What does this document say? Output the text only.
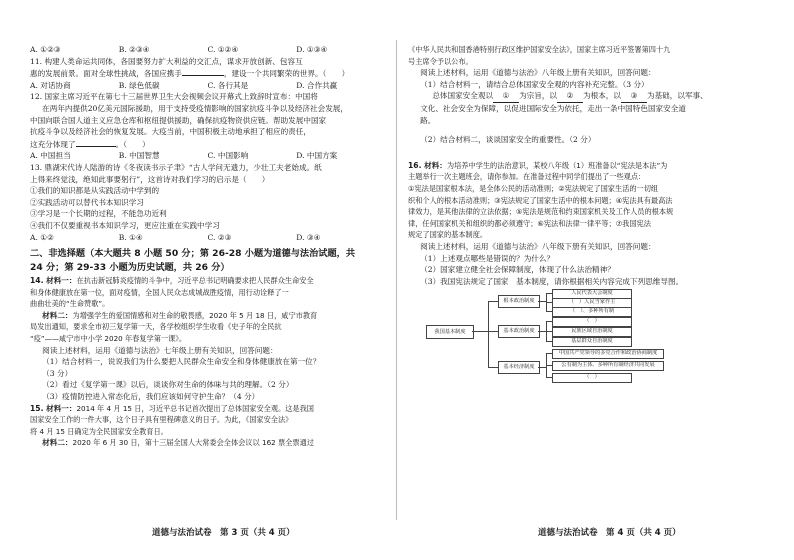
A. ①②③	B. ②③④	C. ①②④	D. ①③④

11. 构建人类命运共同体，各国要努力扩大利益的交汇点，谋求开放创新、包容互

惠的发展前景。面对全球性挑战，各国应携手	，建设一个共同繁荣的世界。（　　）

A. 对话协商	B. 绿色低碳	C. 各行其是	D. 合作共赢

12. 国家主席习近平在第七十三届世界卫生大会视频会议开幕式上致辞时宣布：中国将

在两年内提供20亿美元国际援助，用于支持受疫情影响的国家抗疫斗争以及经济社会发展，

中国向联合国人道主义应急仓库和枢纽提供援助，确保抗疫物资供应链。帮助发展中国家

抗疫斗争以及经济社会的恢复发展。大疫当前，中国积极主动地承担了相应的责任，

这充分体现了	。（　　）

A. 中国担当	B. 中国智慧	C. 中国影响	D. 中国方案

13. 鼎湖宋代诗人陆游的诗《冬夜读书示子聿》“古人学问无遗力，少壮工夫老始成。纸

上得来终觉浅，绝知此事要躬行”，这首诗对我们学习的启示是（　　）

①我们的知识都是从实践活动中学到的

②实践活动可以替代书本知识学习

③学习是一个长期的过程，不能急功近利

④我们不仅要重视书本知识学习，更应注重在实践中学习

A. ①②	B. ①④	C. ②③	D. ③④
二、非选择题（本大题共 8 小题 50 分；第 26-28 小题为道德与法治试题，共
24 分；第 29-33 小题为历史试题，共 26 分）

14. 材料一：在抗击新冠肺炎疫情的斗争中，习近平总书记明确要求把人民群众生命安全

和身体健康放在第一位，面对疫情，全国人民众志成城战胜疫情，用行动诠释了一

曲曲壮美的“生命赞歌”。

材料二：为增强学生的爱国情感和对生命的敬畏感，2020 年 5 月 18 日，咸宁市教育

局发出通知，要求全市初三复学第一天，各学校组织学生收看《史子年的全民抗

“疫”——咸宁市中小学 2020 年春复学第一课》。

阅读上述材料，运用《道德与法治》七年级上册有关知识，回答问题：

（1）结合材料一，说说我们为什么要把人民群众生命安全和身体健康放在第一位？

（3 分）

（2）看过《复学第一课》以后，谈谈你对生命的体味与共的理解。（2 分）

（3）疫情防控进入常态化后，我们应该如何守护生命？（4 分）

15. 材料一：2014 年 4 月 15 日，习近平总书记首次提出了总体国家安全观。这是我国

国家安全工作的一件大事，这个日子具有里程碑意义的日子。为此，《国家安全法》

将 4 月 15 日确定为全民国家安全教育日。

材料二：2020 年 6 月 30 日，第十三届全国人大常委会全体会议以 162 票全票通过

《中华人民共和国香港特别行政区维护国家安全法》，国家主席习近平签署第四十九

号主席令予以公布。

阅读上述材料，运用《道德与法治》八年级上册有关知识，回答问题：

（1）结合材料一，请结合总体国家安全观的内容补充完整。（3 分）

总体国家安全观以 ① 为宗旨，以 ② 为根本，以 ③ 为基础，以军事、

文化、社会安全为保障，以促进国际安全为依托，走出一条中国特色国家安全道

路。

（2）结合材料二，谈谈国家安全的重要性。（2 分）

16. 材料：为培养中学生的法治意识，某校八年级（1）班准备以“宪法是本法”为

主题举行一次主题班会，请你参加。在准备过程中同学们提出了一些观点：

①宪法是国家根本法，是全体公民的活动准则；②宪法规定了国家生活的一切组

织和个人的根本活动准则；③宪法规定了国家生活中的根本问题；④宪法具有最高法

律效力，是其他法律的立法依据；⑤宪法是规范和约束国家机关及工作人员的根本规

律，任何国家机关和组织的都必须遵守；⑥宪法和法律一律平等；⑦我国宪法

规定了国家的基本制度。

阅读上述材料，运用《道德与法治》八年级下册有关知识，回答问题：

（1）上述观点哪些是错误的？为什么？

（2）国家建立健全社会保障制度，体现了什么法治精神？

（3）我国宪法规定了国家　基本制度，请你根据相关内容完成下列思维导图。

我国基本制度
根本政治制度
基本政治制度
基本经济制度
人民代表大会制度
（　）人民当家作主
（　）、多种所有制
（　）
民族区域自治制度
基层群众自治制度
中国共产党领导的多党合作和政治协商制度
公有制为主体、多种所有制经济共同发展
（　）
道德与法治试卷　第 3 页（共 4 页）	道德与法治试卷　第 4 页（共 4 页）
